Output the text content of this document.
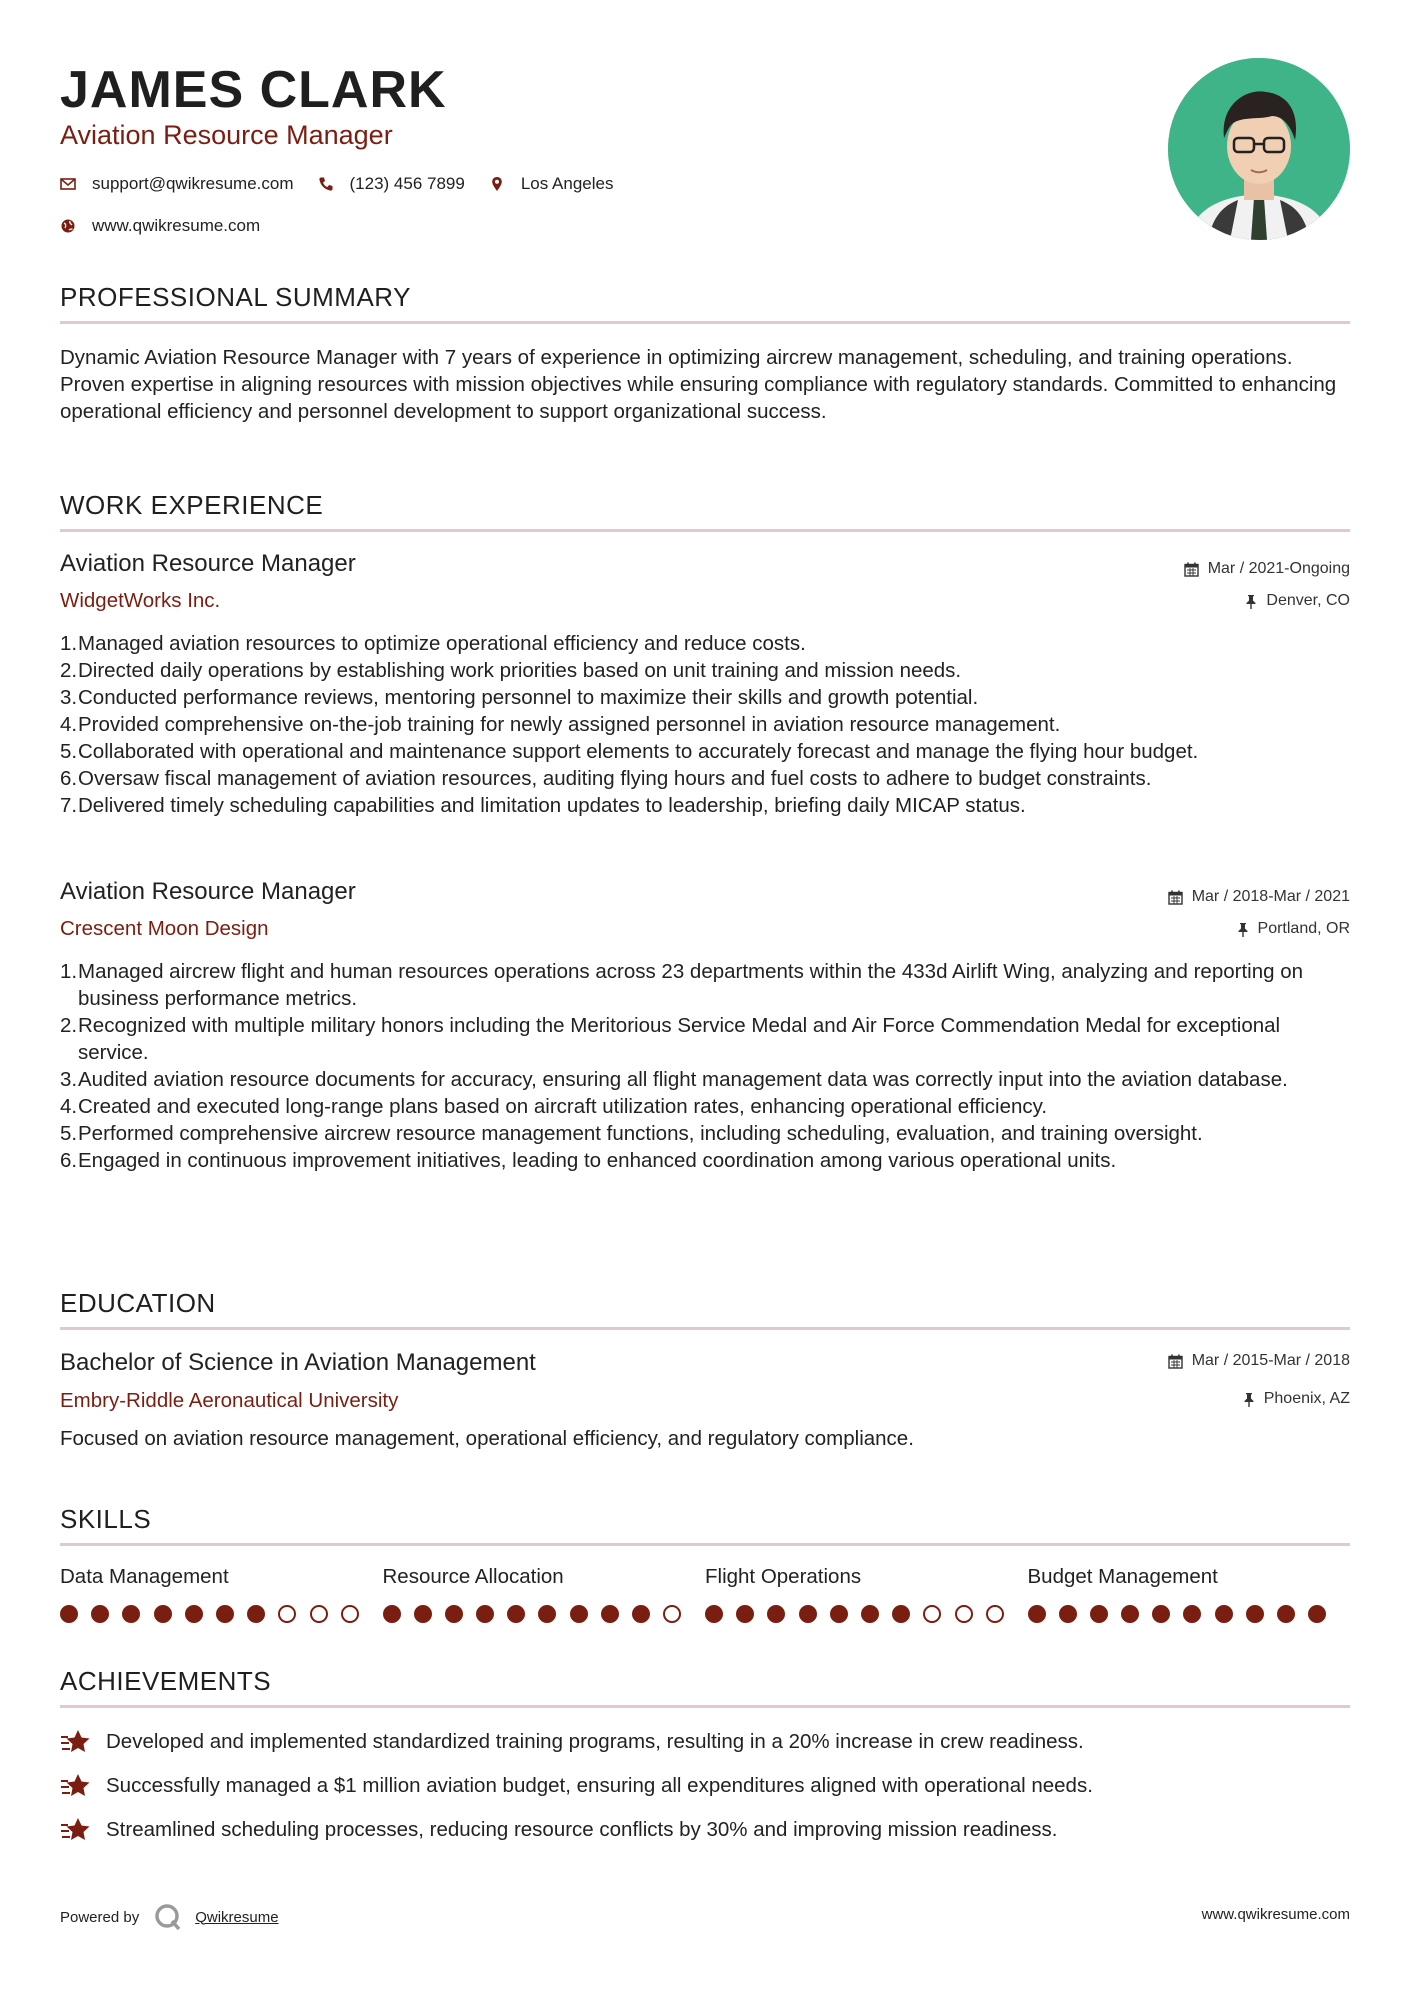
JAMES CLARK
Aviation Resource Manager
support@qwikresume.com	(123) 456 7899	Los Angeles
www.qwikresume.com
PROFESSIONAL SUMMARY
Dynamic Aviation Resource Manager with 7 years of experience in optimizing aircrew management, scheduling, and training operations. Proven expertise in aligning resources with mission objectives while ensuring compliance with regulatory standards. Committed to enhancing operational efficiency and personnel development to support organizational success.
WORK EXPERIENCE
Aviation Resource Manager
WidgetWorks Inc.
Mar / 2021-Ongoing
Denver, CO
1. Managed aviation resources to optimize operational efficiency and reduce costs.
2. Directed daily operations by establishing work priorities based on unit training and mission needs.
3. Conducted performance reviews, mentoring personnel to maximize their skills and growth potential.
4. Provided comprehensive on-the-job training for newly assigned personnel in aviation resource management.
5. Collaborated with operational and maintenance support elements to accurately forecast and manage the flying hour budget.
6. Oversaw fiscal management of aviation resources, auditing flying hours and fuel costs to adhere to budget constraints.
7. Delivered timely scheduling capabilities and limitation updates to leadership, briefing daily MICAP status.
Aviation Resource Manager
Crescent Moon Design
Mar / 2018-Mar / 2021
Portland, OR
1. Managed aircrew flight and human resources operations across 23 departments within the 433d Airlift Wing, analyzing and reporting on business performance metrics.
2. Recognized with multiple military honors including the Meritorious Service Medal and Air Force Commendation Medal for exceptional service.
3. Audited aviation resource documents for accuracy, ensuring all flight management data was correctly input into the aviation database.
4. Created and executed long-range plans based on aircraft utilization rates, enhancing operational efficiency.
5. Performed comprehensive aircrew resource management functions, including scheduling, evaluation, and training oversight.
6. Engaged in continuous improvement initiatives, leading to enhanced coordination among various operational units.
EDUCATION
Bachelor of Science in Aviation Management
Embry-Riddle Aeronautical University
Mar / 2015-Mar / 2018
Phoenix, AZ
Focused on aviation resource management, operational efficiency, and regulatory compliance.
SKILLS
Data Management	Resource Allocation	Flight Operations	Budget Management
ACHIEVEMENTS
Developed and implemented standardized training programs, resulting in a 20% increase in crew readiness.
Successfully managed a $1 million aviation budget, ensuring all expenditures aligned with operational needs.
Streamlined scheduling processes, reducing resource conflicts by 30% and improving mission readiness.
Powered by	Qwikresume	www.qwikresume.com
